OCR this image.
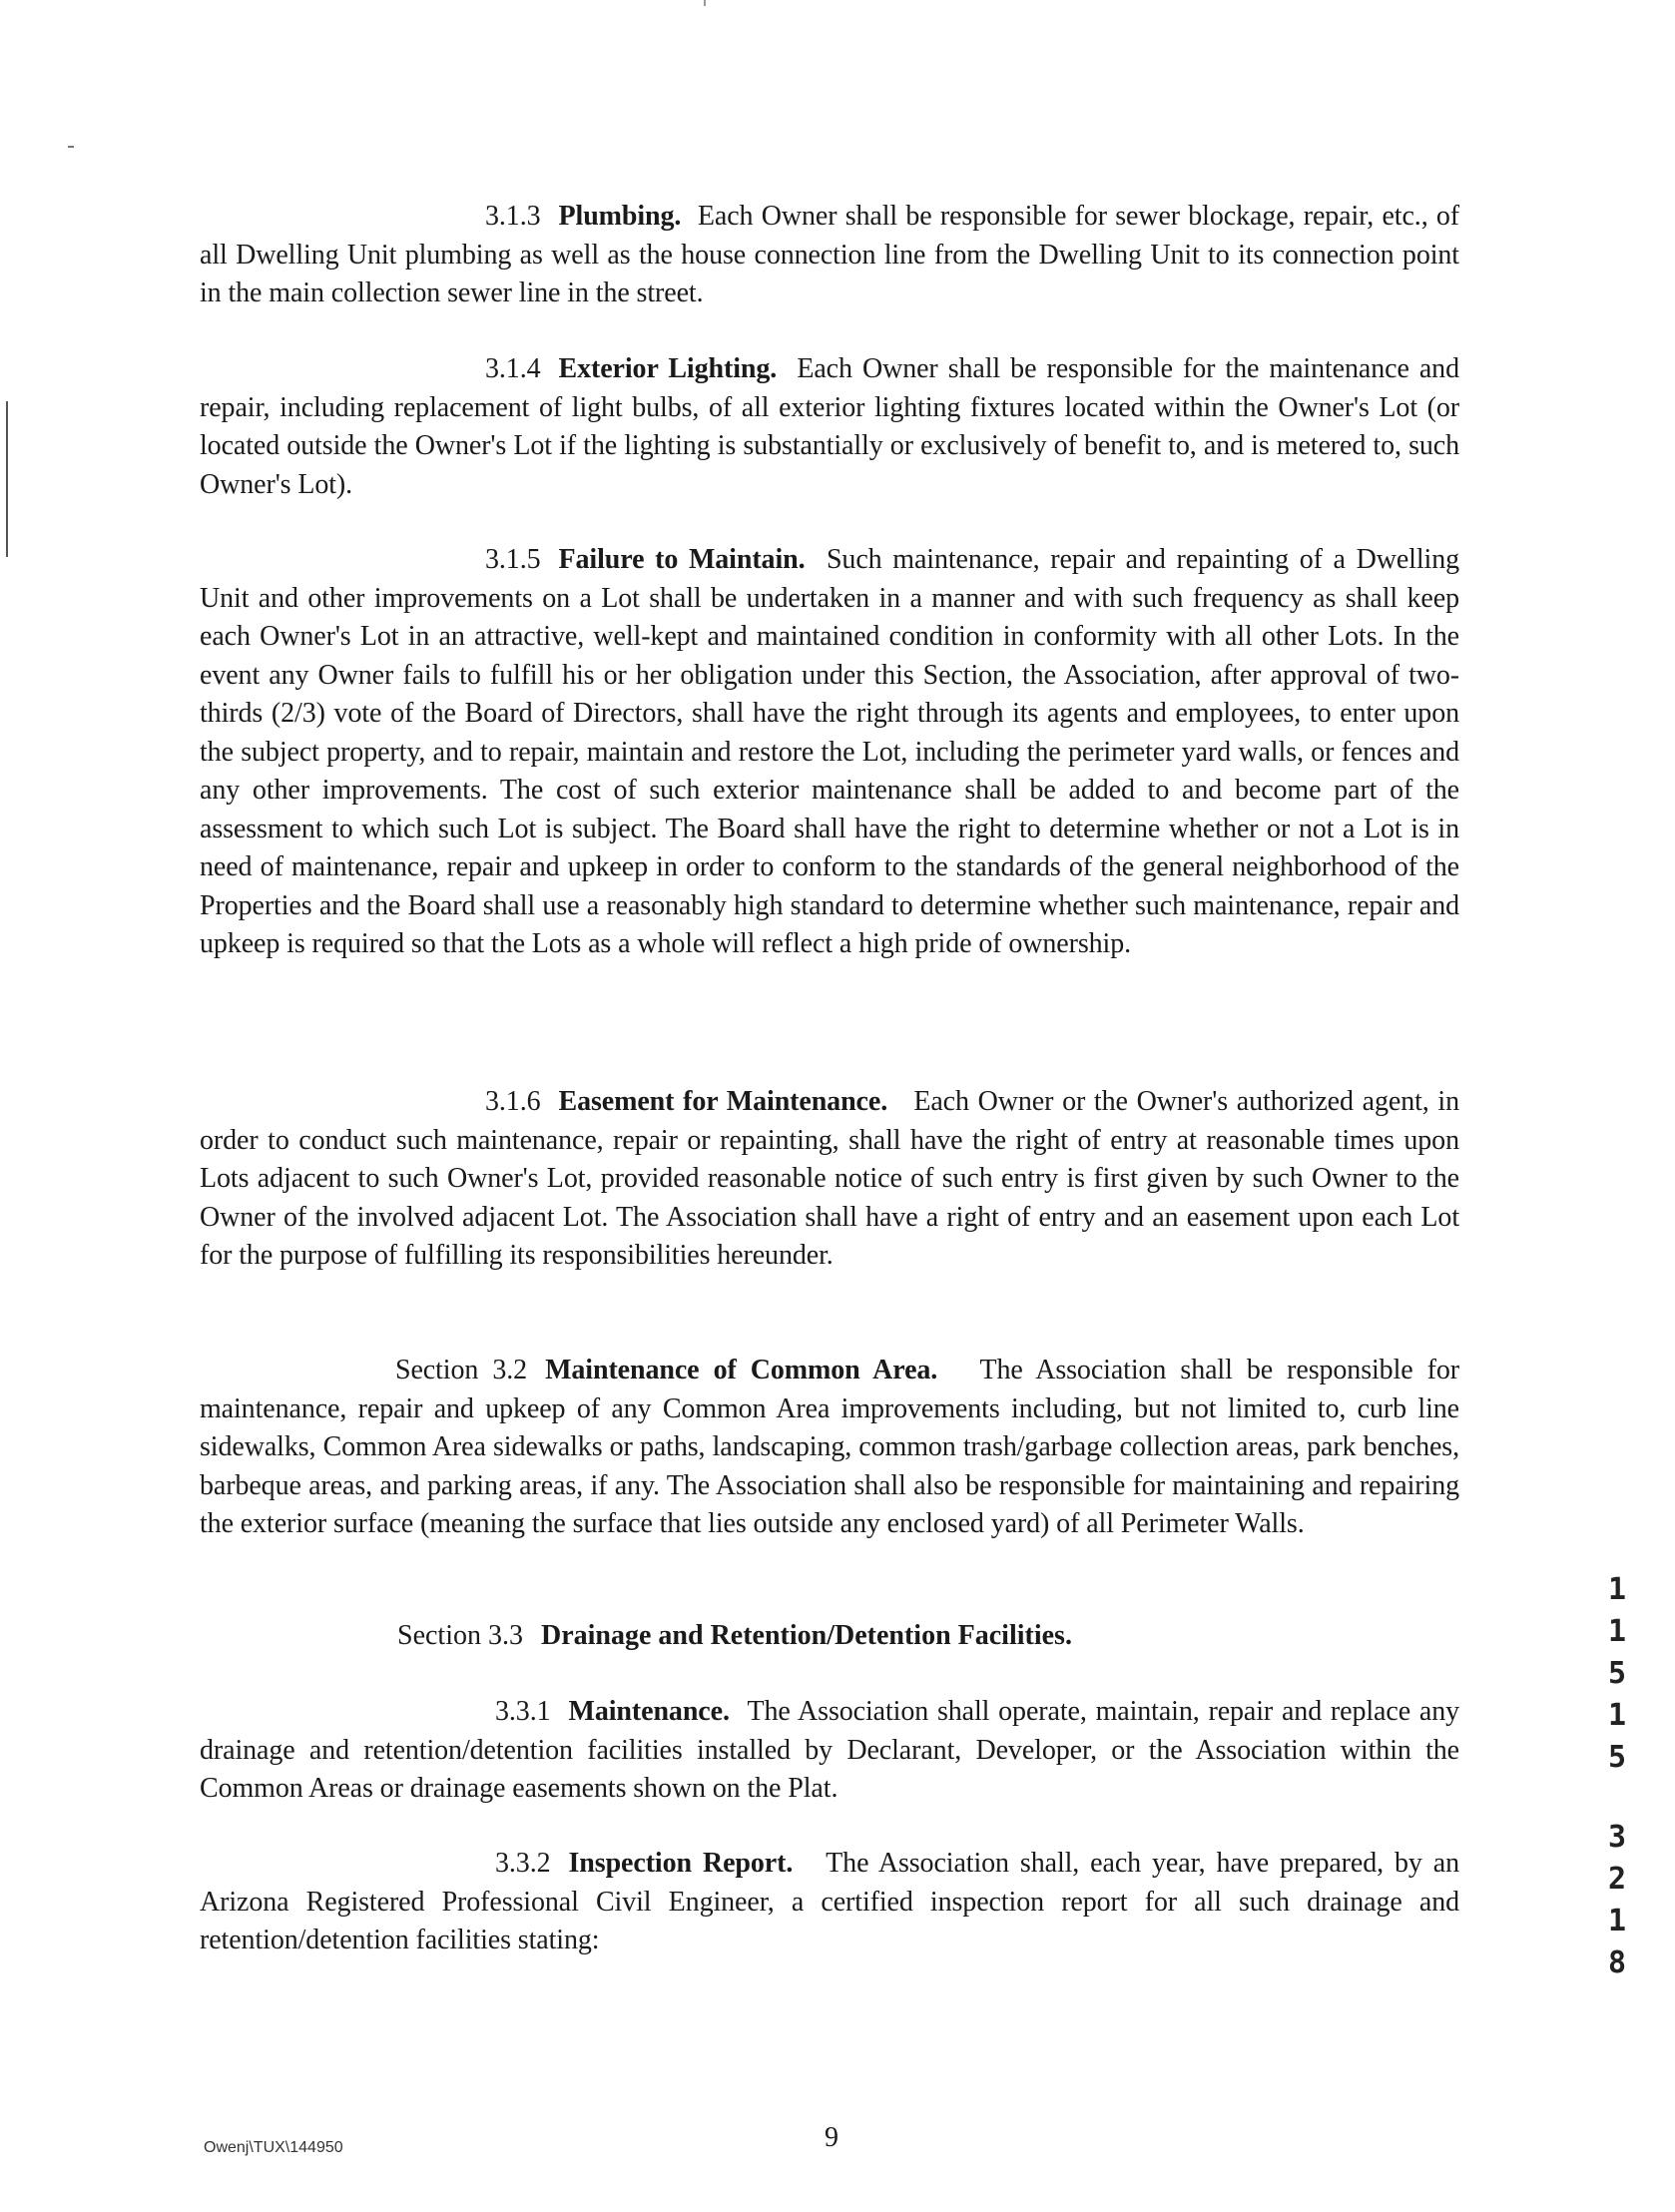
3.1.3 Plumbing. Each Owner shall be responsible for sewer blockage, repair, etc., of all Dwelling Unit plumbing as well as the house connection line from the Dwelling Unit to its connection point in the main collection sewer line in the street.

3.1.4 Exterior Lighting. Each Owner shall be responsible for the maintenance and repair, including replacement of light bulbs, of all exterior lighting fixtures located within the Owner's Lot (or located outside the Owner's Lot if the lighting is substantially or exclusively of benefit to, and is metered to, such Owner's Lot).

3.1.5 Failure to Maintain. Such maintenance, repair and repainting of a Dwelling Unit and other improvements on a Lot shall be undertaken in a manner and with such frequency as shall keep each Owner's Lot in an attractive, well-kept and maintained condition in conformity with all other Lots. In the event any Owner fails to fulfill his or her obligation under this Section, the Association, after approval of two-thirds (2/3) vote of the Board of Directors, shall have the right through its agents and employees, to enter upon the subject property, and to repair, maintain and restore the Lot, including the perimeter yard walls, or fences and any other improvements. The cost of such exterior maintenance shall be added to and become part of the assessment to which such Lot is subject. The Board shall have the right to determine whether or not a Lot is in need of maintenance, repair and upkeep in order to conform to the standards of the general neighborhood of the Properties and the Board shall use a reasonably high standard to determine whether such maintenance, repair and upkeep is required so that the Lots as a whole will reflect a high pride of ownership.

3.1.6 Easement for Maintenance. Each Owner or the Owner's authorized agent, in order to conduct such maintenance, repair or repainting, shall have the right of entry at reasonable times upon Lots adjacent to such Owner's Lot, provided reasonable notice of such entry is first given by such Owner to the Owner of the involved adjacent Lot. The Association shall have a right of entry and an easement upon each Lot for the purpose of fulfilling its responsibilities hereunder.

Section 3.2 Maintenance of Common Area. The Association shall be responsible for maintenance, repair and upkeep of any Common Area improvements including, but not limited to, curb line sidewalks, Common Area sidewalks or paths, landscaping, common trash/garbage collection areas, park benches, barbeque areas, and parking areas, if any. The Association shall also be responsible for maintaining and repairing the exterior surface (meaning the surface that lies outside any enclosed yard) of all Perimeter Walls.

Section 3.3 Drainage and Retention/Detention Facilities.

3.3.1 Maintenance. The Association shall operate, maintain, repair and replace any drainage and retention/detention facilities installed by Declarant, Developer, or the Association within the Common Areas or drainage easements shown on the Plat.

3.3.2 Inspection Report. The Association shall, each year, have prepared, by an Arizona Registered Professional Civil Engineer, a certified inspection report for all such drainage and retention/detention facilities stating:

1
1
5
1
5
3
2
1
8
Owenj\TUX\144950	9
